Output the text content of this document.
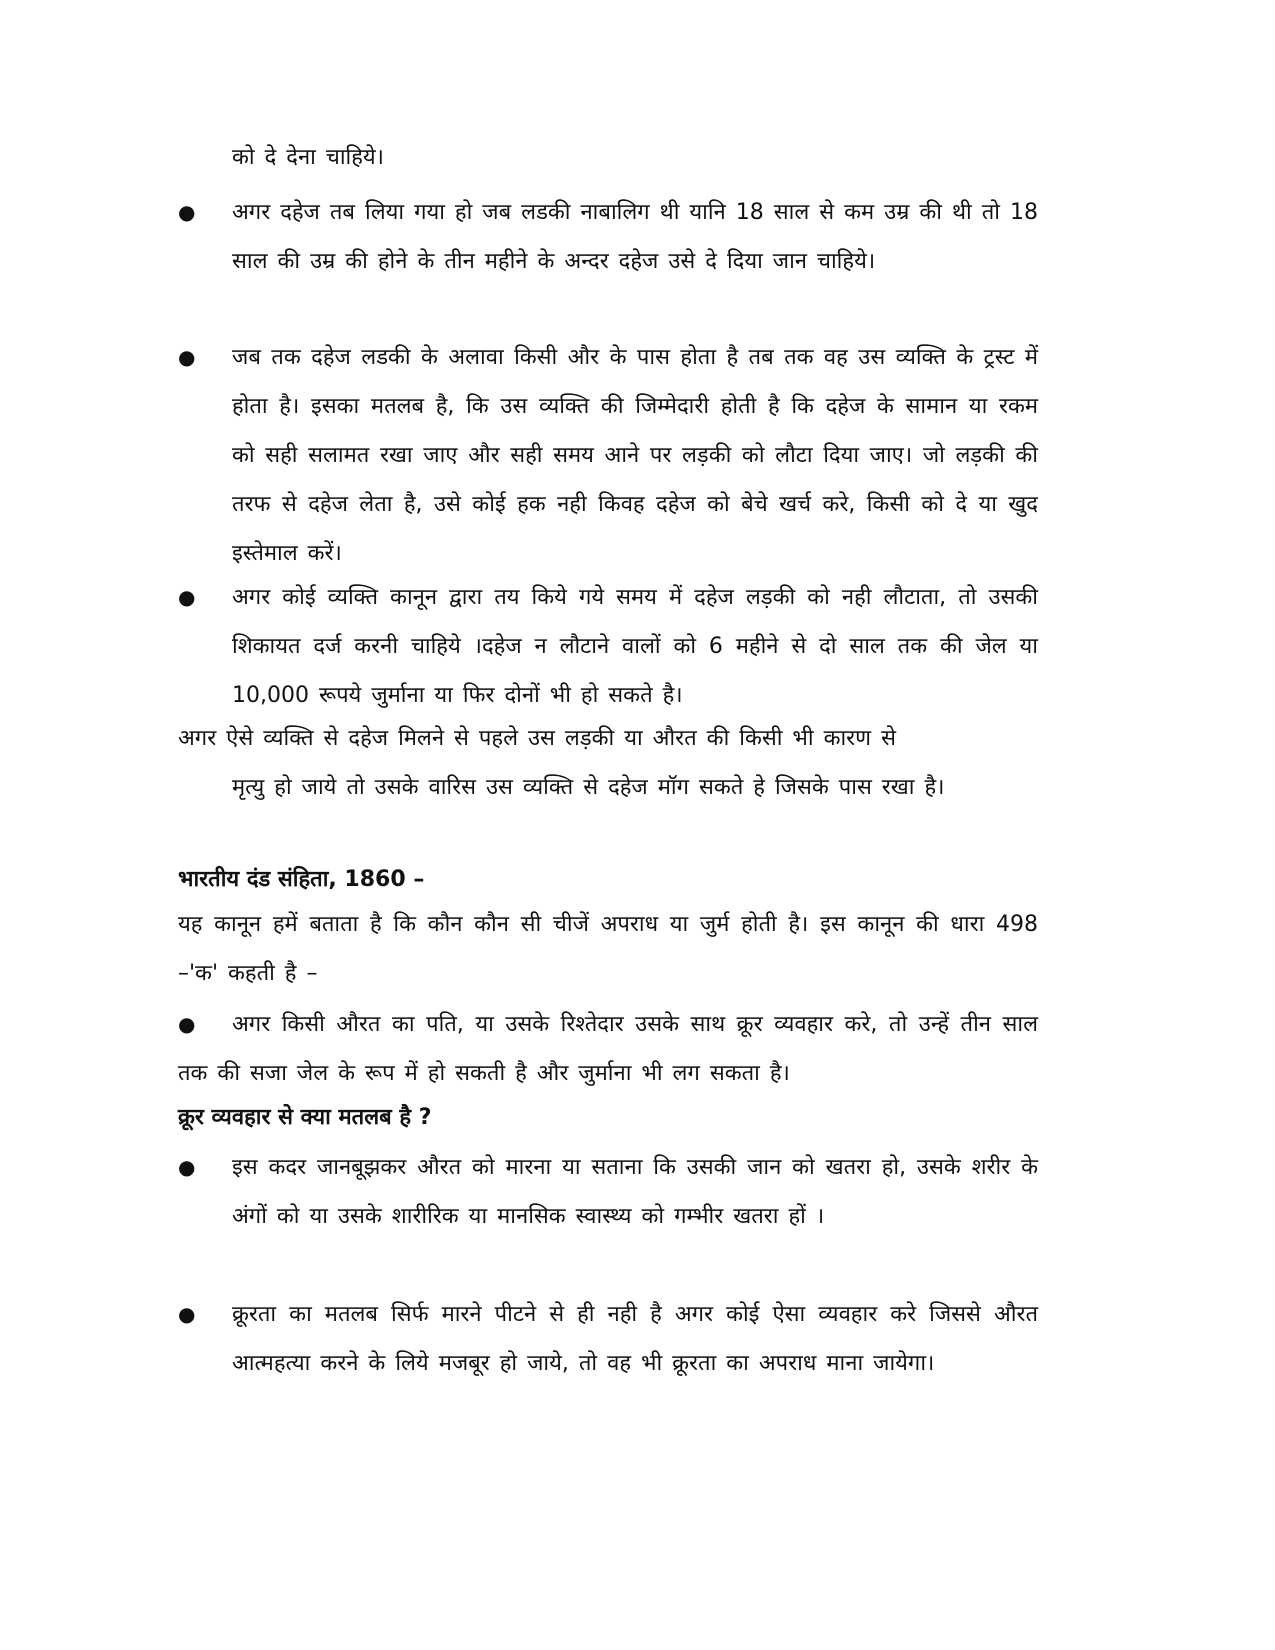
को दे देना चाहिये।
● अगर दहेज तब लिया गया हो जब लडकी नाबालिग थी यानि 18 साल से कम उम्र की थी तो 18 साल की उम्र की होने के तीन महीने के अन्दर दहेज उसे दे दिया जान चाहिये।
● जब तक दहेज लडकी के अलावा किसी और के पास होता है तब तक वह उस व्यक्ति के ट्रस्ट में होता है। इसका मतलब है, कि उस व्यक्ति की जिम्मेदारी होती है कि दहेज के सामान या रकम को सही सलामत रखा जाए और सही समय आने पर लड़की को लौटा दिया जाए। जो लड़की की तरफ से दहेज लेता है, उसे कोई हक नही किवह दहेज को बेचे खर्च करे, किसी को दे या खुद इस्तेमाल करें।
● अगर कोई व्यक्ति कानून द्वारा तय किये गये समय में दहेज लड़की को नही लौटाता, तो उसकी शिकायत दर्ज करनी चाहिये ।दहेज न लौटाने वालों को 6 महीने से दो साल तक की जेल या 10,000 रूपये जुर्माना या फिर दोनों भी हो सकते है।
अगर ऐसे व्यक्ति से दहेज मिलने से पहले उस लड़की या औरत की किसी भी कारण से
मृत्यु हो जाये तो उसके वारिस उस व्यक्ति से दहेज मॉग सकते हे जिसके पास रखा है।
भारतीय दंड संहिता, 1860 –
यह कानून हमें बताता है कि कौन कौन सी चीजें अपराध या जुर्म होती है। इस कानून की धारा 498 –'क' कहती है –
●	अगर किसी औरत का पति, या उसके रिश्तेदार उसके साथ क्रूर व्यवहार करे, तो उन्हें तीन साल तक की सजा जेल के रूप में हो सकती है और जुर्माना भी लग सकता है।
क्रूर व्यवहार से क्या मतलब है ?
● इस कदर जानबूझकर औरत को मारना या सताना कि उसकी जान को खतरा हो, उसके शरीर के अंगों को या उसके शारीरिक या मानसिक स्वास्थ्य को गम्भीर खतरा हों ।
● क्रूरता का मतलब सिर्फ मारने पीटने से ही नही है अगर कोई ऐसा व्यवहार करे जिससे औरत आत्महत्या करने के लिये मजबूर हो जाये, तो वह भी क्रूरता का अपराध माना जायेगा।
